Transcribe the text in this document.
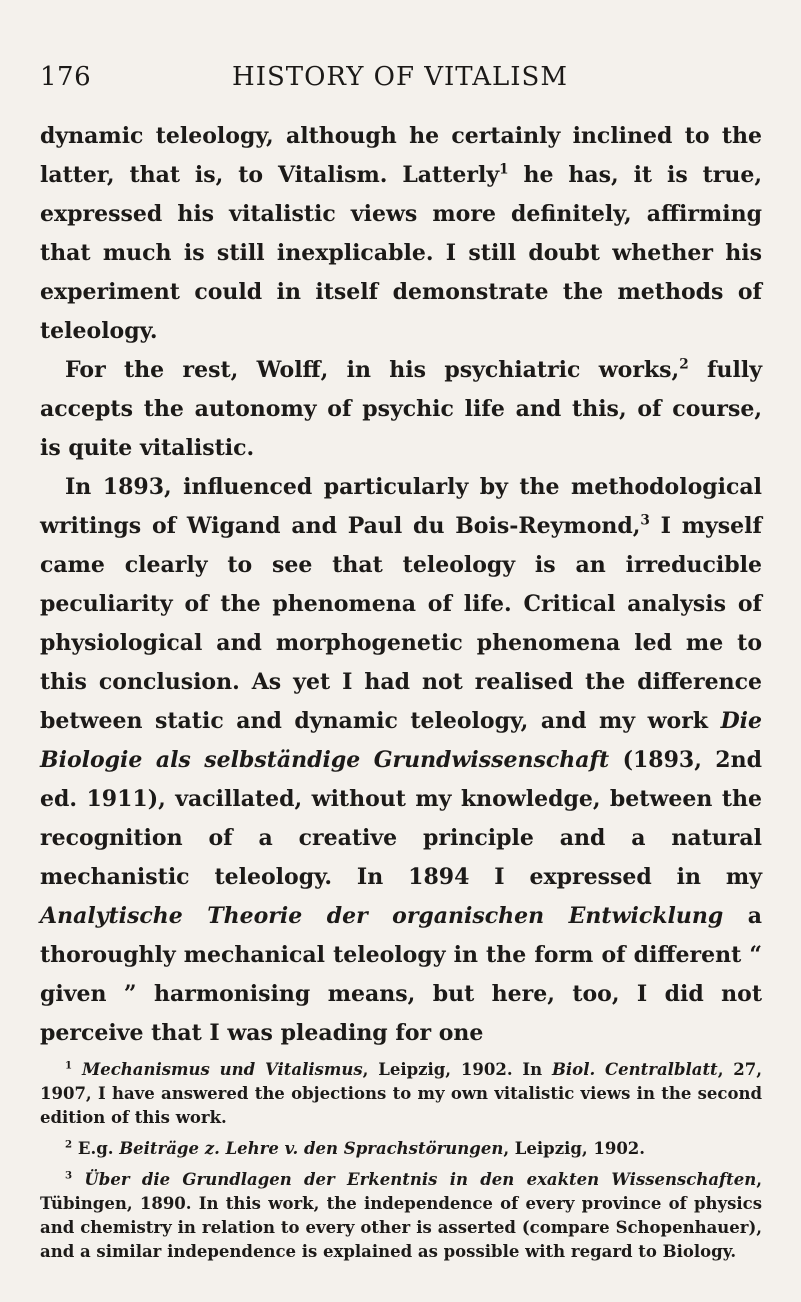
HISTORY OF VITALISM
176

dynamic teleology, although he certainly inclined to the latter, that is, to Vitalism. Latterly$^1$ he has, it is true, expressed his vitalistic views more definitely, affirming that much is still inexplicable. I still doubt whether his experiment could in itself demonstrate the methods of teleology.

For the rest, Wolff, in his psychiatric works,$^2$ fully accepts the autonomy of psychic life and this, of course, is quite vitalistic.

In 1893, influenced particularly by the methodological writings of Wigand and Paul du Bois-Reymond,$^3$ I myself came clearly to see that teleology is an irreducible peculiarity of the phenomena of life. Critical analysis of physiological and morphogenetic phenomena led me to this conclusion. As yet I had not realised the difference between static and dynamic teleology, and my work Die Biologie als selbständige Grundwissenschaft (1893, 2nd ed. 1911), vacillated, without my knowledge, between the recognition of a creative principle and a natural mechanistic teleology. In 1894 I expressed in my Analytische Theorie der organischen Entwicklung a thoroughly mechanical teleology in the form of different “ given ” harmonising means, but here, too, I did not perceive that I was pleading for one

$^1$ Mechanismus und Vitalismus, Leipzig, 1902. In Biol. Centralblatt, 27, 1907, I have answered the objections to my own vitalistic views in the second edition of this work.

$^2$ E.g. Beiträge z. Lehre v. den Sprachstörungen, Leipzig, 1902.

$^3$ Über die Grundlagen der Erkentnis in den exakten Wissenschaften, Tübingen, 1890. In this work, the independence of every province of physics and chemistry in relation to every other is asserted (compare Schopenhauer), and a similar independence is explained as possible with regard to Biology.
